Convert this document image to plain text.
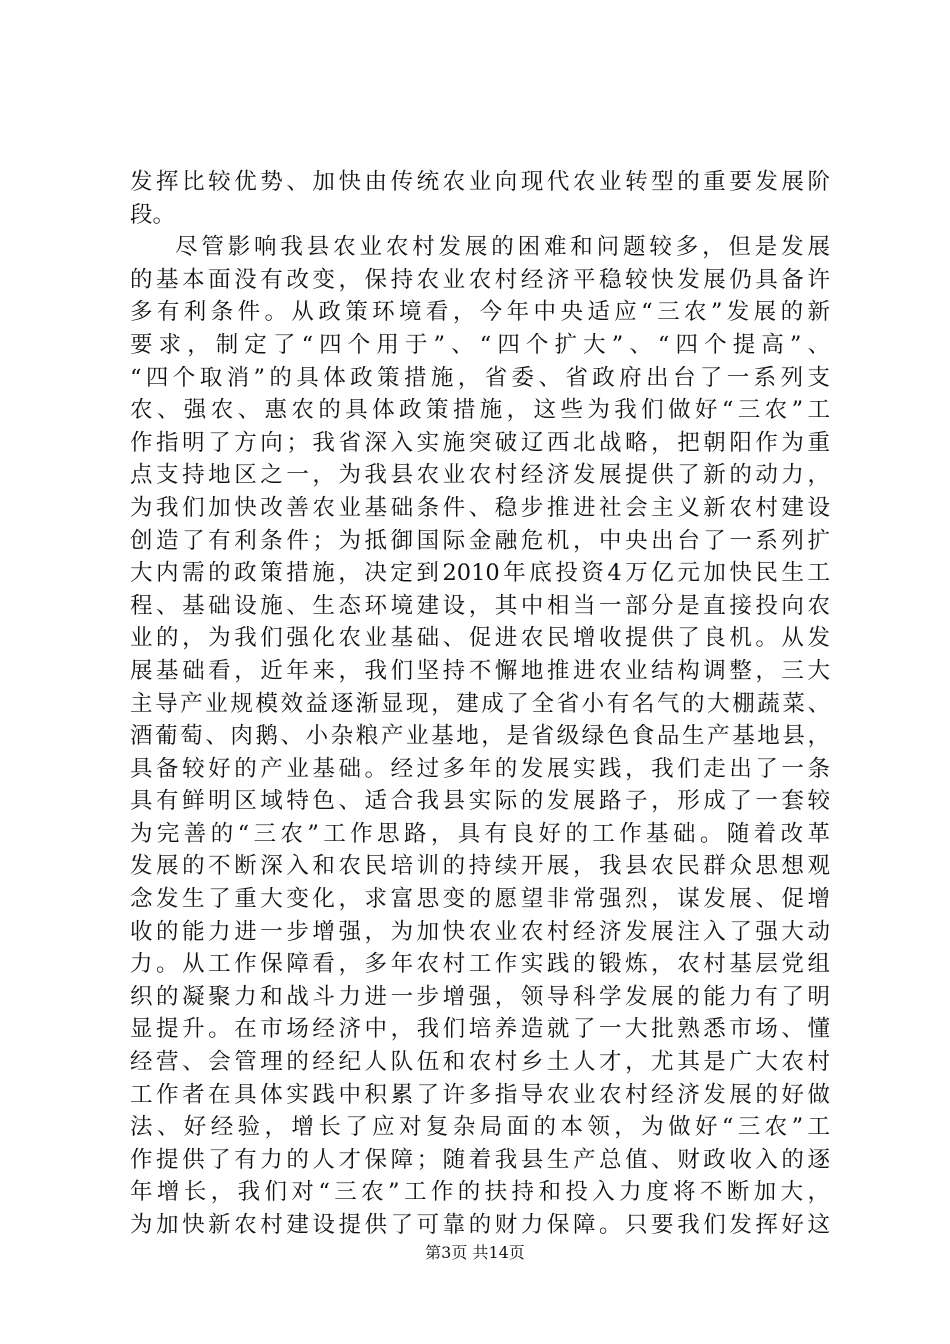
发挥比较优势、加快由传统农业向现代农业转型的重要发展阶
段。
尽管影响我县农业农村发展的困难和问题较多，但是发展
的基本面没有改变，保持农业农村经济平稳较快发展仍具备许
多有利条件。从政策环境看，今年中央适应“三农”发展的新
要求，制定了“四个用于”、“四个扩大”、“四个提高”、
“四个取消”的具体政策措施，省委、省政府出台了一系列支
农、强农、惠农的具体政策措施，这些为我们做好“三农”工
作指明了方向；我省深入实施突破辽西北战略，把朝阳作为重
点支持地区之一，为我县农业农村经济发展提供了新的动力，
为我们加快改善农业基础条件、稳步推进社会主义新农村建设
创造了有利条件；为抵御国际金融危机，中央出台了一系列扩
大内需的政策措施，决定到2010年底投资4万亿元加快民生工
程、基础设施、生态环境建设，其中相当一部分是直接投向农
业的，为我们强化农业基础、促进农民增收提供了良机。从发
展基础看，近年来，我们坚持不懈地推进农业结构调整，三大
主导产业规模效益逐渐显现，建成了全省小有名气的大棚蔬菜、
酒葡萄、肉鹅、小杂粮产业基地，是省级绿色食品生产基地县，
具备较好的产业基础。经过多年的发展实践，我们走出了一条
具有鲜明区域特色、适合我县实际的发展路子，形成了一套较
为完善的“三农”工作思路，具有良好的工作基础。随着改革
发展的不断深入和农民培训的持续开展，我县农民群众思想观
念发生了重大变化，求富思变的愿望非常强烈，谋发展、促增
收的能力进一步增强，为加快农业农村经济发展注入了强大动
力。从工作保障看，多年农村工作实践的锻炼，农村基层党组
织的凝聚力和战斗力进一步增强，领导科学发展的能力有了明
显提升。在市场经济中，我们培养造就了一大批熟悉市场、懂
经营、会管理的经纪人队伍和农村乡土人才，尤其是广大农村
工作者在具体实践中积累了许多指导农业农村经济发展的好做
法、好经验，增长了应对复杂局面的本领，为做好“三农”工
作提供了有力的人才保障；随着我县生产总值、财政收入的逐
年增长，我们对“三农”工作的扶持和投入力度将不断加大，
为加快新农村建设提供了可靠的财力保障。只要我们发挥好这
第3页 共14页
